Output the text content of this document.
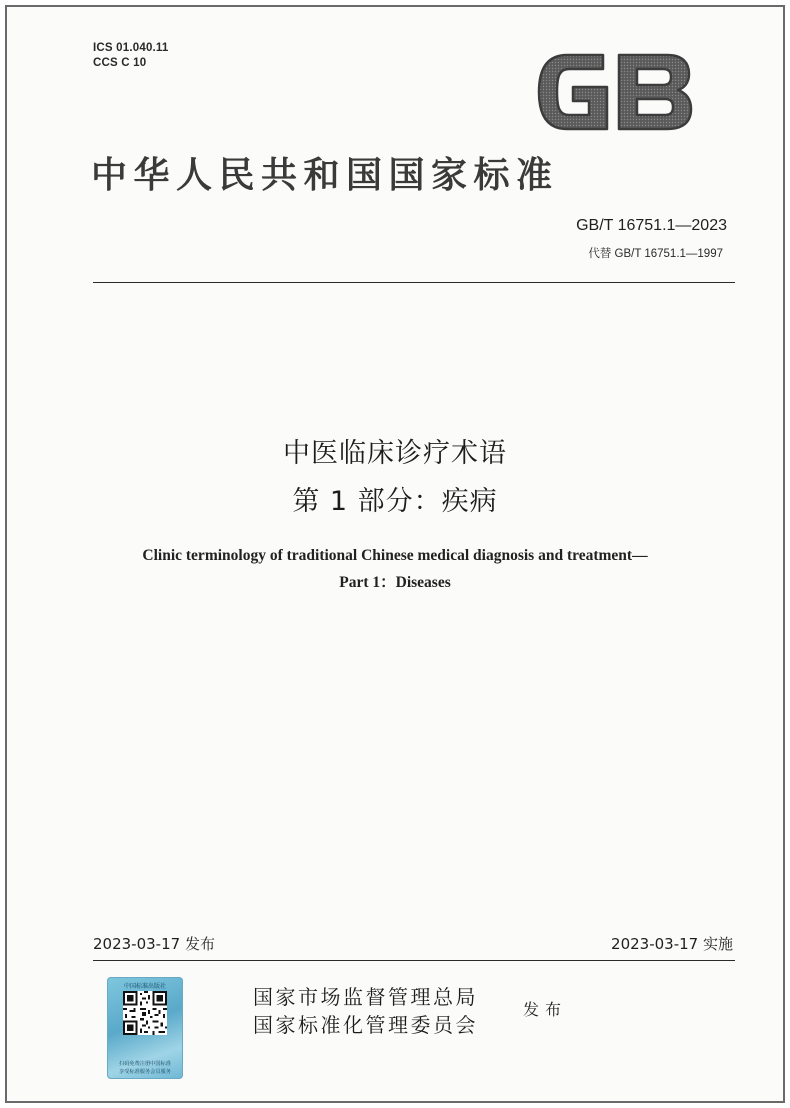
ICS 01.040.11
CCS C 10
中华人民共和国国家标准
GB/T 16751.1—2023
代替 GB/T 16751.1—1997
中医临床诊疗术语
第 1 部分：疾病
Clinic terminology of traditional Chinese medical diagnosis and treatment—
Part 1：Diseases
2023-03-17 发布	2023-03-17 实施
中国标准出版社
扫码免费注册中国标准
享受标准服务会员服务
国家市场监督管理总局
国家标准化管理委员会
发布
